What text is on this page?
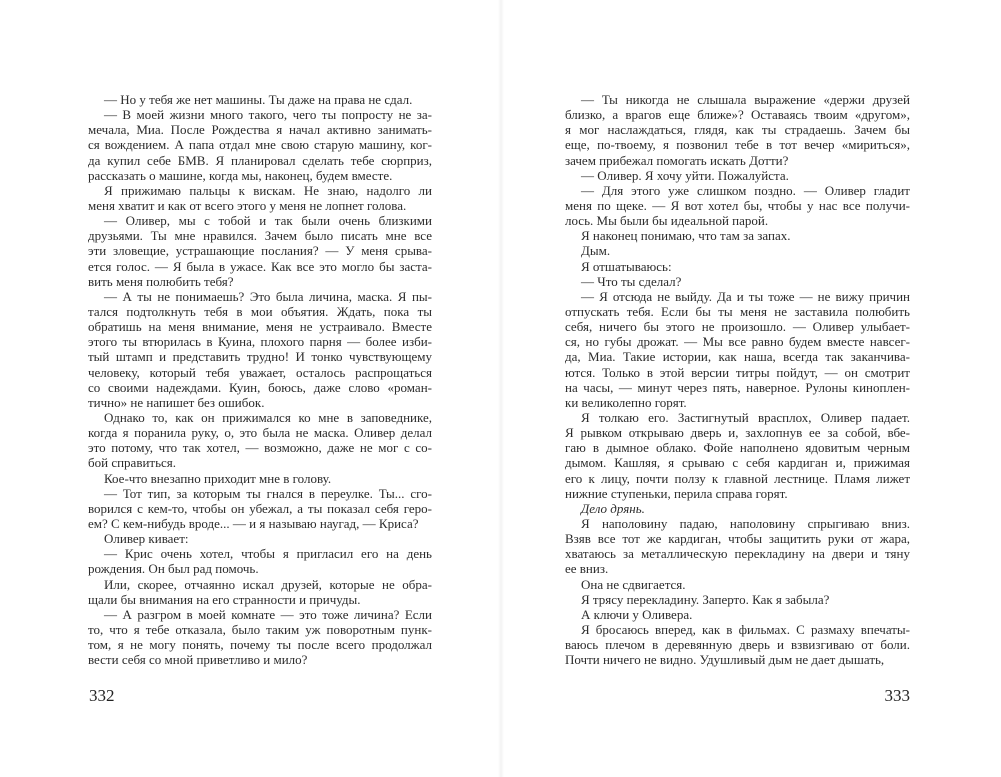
— Но у тебя же нет машины. Ты даже на права не сдал.
— В моей жизни много такого, чего ты попросту не за-
мечала, Миа. После Рождества я начал активно занимать-
ся вождением. А папа отдал мне свою старую машину, ког-
да купил себе БМВ. Я планировал сделать тебе сюрприз,
рассказать о машине, когда мы, наконец, будем вместе.
Я прижимаю пальцы к вискам. Не знаю, надолго ли
меня хватит и как от всего этого у меня не лопнет голова.
— Оливер, мы с тобой и так были очень близкими
друзьями. Ты мне нравился. Зачем было писать мне все
эти зловещие, устрашающие послания? — У меня срыва-
ется голос. — Я была в ужасе. Как все это могло бы заста-
вить меня полюбить тебя?
— А ты не понимаешь? Это была личина, маска. Я пы-
тался подтолкнуть тебя в мои объятия. Ждать, пока ты
обратишь на меня внимание, меня не устраивало. Вместе
этого ты втюрилась в Куина, плохого парня — более изби-
тый штамп и представить трудно! И тонко чувствующему
человеку, который тебя уважает, осталось распрощаться
со своими надеждами. Куин, боюсь, даже слово «роман-
тично» не напишет без ошибок.
Однако то, как он прижимался ко мне в заповеднике,
когда я поранила руку, о, это была не маска. Оливер делал
это потому, что так хотел, — возможно, даже не мог с со-
бой справиться.
Кое-что внезапно приходит мне в голову.
— Тот тип, за которым ты гнался в переулке. Ты... сго-
ворился с кем-то, чтобы он убежал, а ты показал себя геро-
ем? С кем-нибудь вроде... — и я называю наугад, — Криса?
Оливер кивает:
— Крис очень хотел, чтобы я пригласил его на день
рождения. Он был рад помочь.
Или, скорее, отчаянно искал друзей, которые не обра-
щали бы внимания на его странности и причуды.
— А разгром в моей комнате — это тоже личина? Если
то, что я тебе отказала, было таким уж поворотным пунк-
том, я не могу понять, почему ты после всего продолжал
вести себя со мной приветливо и мило?
— Ты никогда не слышала выражение «держи друзей
близко, а врагов еще ближе»? Оставаясь твоим «другом»,
я мог наслаждаться, глядя, как ты страдаешь. Зачем бы
еще, по-твоему, я позвонил тебе в тот вечер «мириться»,
зачем прибежал помогать искать Дотти?
— Оливер. Я хочу уйти. Пожалуйста.
— Для этого уже слишком поздно. — Оливер гладит
меня по щеке. — Я вот хотел бы, чтобы у нас все получи-
лось. Мы были бы идеальной парой.
Я наконец понимаю, что там за запах.
Дым.
Я отшатываюсь:
— Что ты сделал?
— Я отсюда не выйду. Да и ты тоже — не вижу причин
отпускать тебя. Если бы ты меня не заставила полюбить
себя, ничего бы этого не произошло. — Оливер улыбает-
ся, но губы дрожат. — Мы все равно будем вместе навсег-
да, Миа. Такие истории, как наша, всегда так заканчива-
ются. Только в этой версии титры пойдут, — он смотрит
на часы, — минут через пять, наверное. Рулоны киноплен-
ки великолепно горят.
Я толкаю его. Застигнутый врасплох, Оливер падает.
Я рывком открываю дверь и, захлопнув ее за собой, вбе-
гаю в дымное облако. Фойе наполнено ядовитым черным
дымом. Кашляя, я срываю с себя кардиган и, прижимая
его к лицу, почти ползу к главной лестнице. Пламя лижет
нижние ступеньки, перила справа горят.
Дело дрянь.
Я наполовину падаю, наполовину спрыгиваю вниз.
Взяв все тот же кардиган, чтобы защитить руки от жара,
хватаюсь за металлическую перекладину на двери и тяну
ее вниз.
Она не сдвигается.
Я трясу перекладину. Заперто. Как я забыла?
А ключи у Оливера.
Я бросаюсь вперед, как в фильмах. С размаху впечаты-
ваюсь плечом в деревянную дверь и взвизгиваю от боли.
Почти ничего не видно. Удушливый дым не дает дышать,
332	333
